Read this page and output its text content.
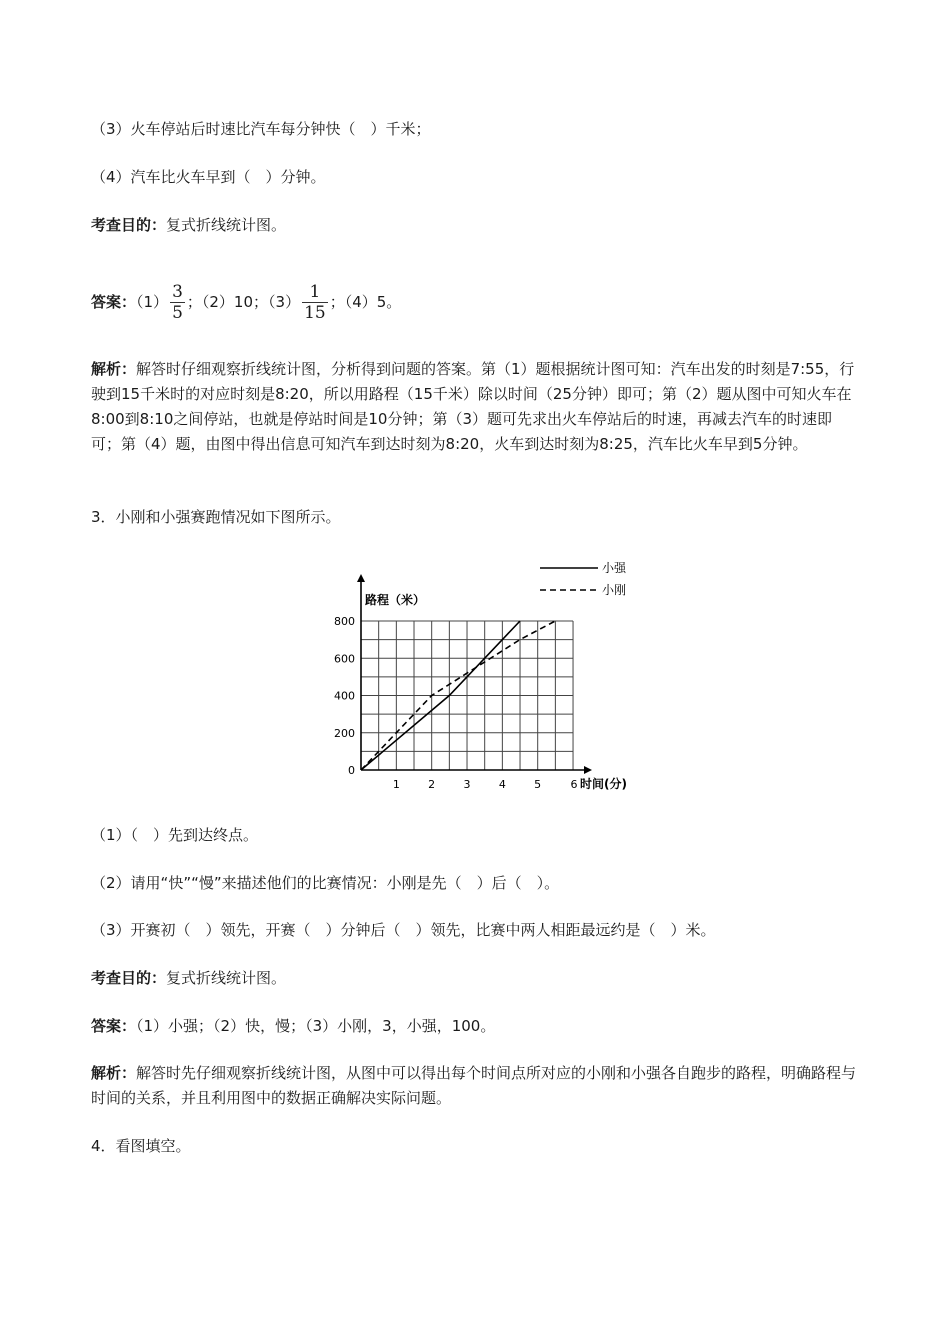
（3）火车停站后时速比汽车每分钟快（　）千米；
（4）汽车比火车早到（　）分钟。
考查目的：复式折线统计图。
答案：$(1) \frac{3}{5}$ ；（2）10；$(3) \frac{1}{15}$ ；（4）5。
解析：解答时仔细观察折线统计图，分析得到问题的答案。第（1）题根据统计图可知：汽车出发的时刻是7:55，行驶到15千米时的对应时刻是8:20，所以用路程（15千米）除以时间（25分钟）即可；第（2）题从图中可知火车在8:00到8:10之间停站，也就是停站时间是10分钟；第（3）题可先求出火车停站后的时速，再减去汽车的时速即可；第（4）题，由图中得出信息可知汽车到达时刻为8:20，火车到达时刻为8:25，汽车比火车早到5分钟。
3．小刚和小强赛跑情况如下图所示。
路程（米）
时间(分)
0
200
400
600
800
1	2	3	4	5	6
小强
小刚
（1）（　）先到达终点。
（2）请用“快”“慢”来描述他们的比赛情况：小刚是先（　）后（　）。
（3）开赛初（　）领先，开赛（　）分钟后（　）领先，比赛中两人相距最远约是（　）米。
考查目的：复式折线统计图。
答案：（1）小强；（2）快，慢；（3）小刚，3，小强，100。
解析：解答时先仔细观察折线统计图，从图中可以得出每个时间点所对应的小刚和小强各自跑步的路程，明确路程与时间的关系，并且利用图中的数据正确解决实际问题。
4．看图填空。
